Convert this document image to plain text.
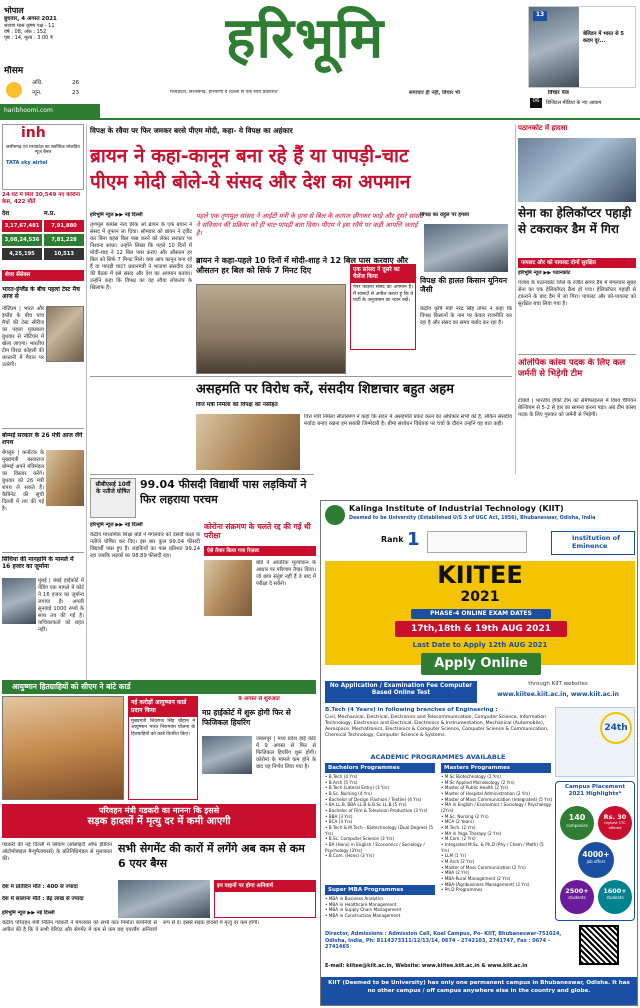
भोपाल
बुधवार, 4 अगस्त 2021
श्रावण मास कृष्ण पक्ष - 11
वर्ष : 08, अंक : 152
पृष्ठ : 14, मूल्य : 3.00 ₹
मौसम
अधि.	26
न्यून.	23
haribhoomi.com
हरिभूमि
मध्यप्रदेश, छत्तीसगढ़, हरियाणा व दिल्ली से एक साथ प्रकाशित	समाचार ही नहीं, विचार भी
13
बेलिडन में भारत से 5 कदम दूर...
विचार पेज
06	डिजिटल मीडिया के नए आयाम
inh
छत्तीसगढ़ एवं मध्यप्रदेश का सर्वाधिक लोकप्रिय न्यूज़ चैनल
TATA sky airtel
24 घंटे में मिले 30,549 नए कोरोना केस, 422 मौतें
देश	म.प्र.
3,17,67,481	7,91,880
3,08,24,536	7,81,228
4,25,195	10,513
शेयर सेंसेक्स
भारत-इंग्लैंड के बीच पहला टेस्ट मैच आज से
नॉटिंघम | भारत और इंग्लैंड के बीच पांच मैचों की टेस्ट सीरीज का पहला मुकाबला बुधवार से नॉटिंघम में खेला जाएगा। भारतीय टीम विराट कोहली की कप्तानी में मैदान पर उतरेगी।
बोम्मई सरकार के 26 मंत्री आज लेंगे शपथ
बेंगलुरु | कर्नाटक के मुख्यमंत्री बसवराज बोम्मई अपने मंत्रिमंडल का विस्तार करेंगे। बुधवार को 26 मंत्री शपथ ले सकते हैं। कैबिनेट की सूची दिल्ली में तय की गई है।
सिंधिया की मानहानि के मामले में 16 हजार का जुर्माना
मुंबई | बंबई हाईकोर्ट में पेंडिंग एक मामले में कोर्ट ने 16 हजार का जुर्माना लगाया है। अगली सुनवाई 1000 रुपये के साथ तय की गई है। याचिकाकर्ता को राहत नहीं।
विपक्ष के रवैया पर फिर जमकर बरसे पीएम मोदी, कहा- ये विपक्ष का अहंकार
ब्रायन ने कहा-कानून बना रहे हैं या पापड़ी-चाट
पीएम मोदी बोले-ये संसद और देश का अपमान
हरिभूमि न्यूज ▶▶ नई दिल्ली
तृणमूल कांग्रेस नेता डेरेक ओ ब्रायन के एक बयान ने संसद में तूफान ला दिया। सोमवार को ब्रायन ने ट्वीट कर बिना बहस बिल पास करने को लेकर सरकार पर निशाना साधा। उन्होंने लिखा कि पहले 10 दिनों में मोदी-शाह ने 12 बिल पास कराए और औसतन हर बिल को सिर्फ 7 मिनट मिले। क्या आप कानून बना रहे हैं या पापड़ी चाट? प्रधानमंत्री ने भाजपा संसदीय दल की बैठक में इसे संसद और देश का अपमान बताया। उन्होंने कहा कि विपक्ष का यह रवैया लोकतंत्र के खिलाफ है।
पहले एक तृणमूल सांसद ने आईटी मंत्री के हाथ से बिल के कागज छीनकर फाड़े और दूसरे सांसद ने संविधान की प्रक्रिया को ही चाट-पापड़ी बता दिया। पीएम ने इस रवैये पर कड़ी आपत्ति जताई है।
ब्रायन ने कहा-पहले 10 दिनों में मोदी-शाह ने 12 बिल पास करवाए और औसतन हर बिल को सिर्फ 7 मिनट दिए	एक सांसद ने दूसरे का चैलेंज किया
पेपर फाड़ना संसद का अपमान है। मैं सांसदों से अपील करता हूं कि वे पार्टी के अनुशासन का ध्यान रखें।
विपक्ष का राहुल पर हमला
विपक्ष की हालत किसान यूनियन जैसी
केंद्रीय कृषि मंत्री नरेंद्र सिंह तोमर ने कहा कि विपक्ष किसानों के नाम पर केवल राजनीति कर रहा है और संसद का समय बर्बाद कर रहा है।
असहमति पर विरोध करें, संसदीय शिष्टाचार बहुत अहम
वित्त मंत्री निर्मला को विपक्ष को नसीहत
वित्त मंत्री निर्मला सीतारमण ने कहा कि सदन में असहमति प्रकट करने का अधिकार सभी को है, लेकिन संसदीय मर्यादा बनाए रखना हम सबकी जिम्मेदारी है। बीमा संशोधन विधेयक पर चर्चा के दौरान उन्होंने यह बात कही।
पठानकोट में हादसा
सेना का हेलिकॉप्टर पहाड़ी से टकराकर डैम में गिरा
पायलट और को पायलट दोनों सुरक्षित
हरिभूमि न्यूज ▶▶ पठानकोट
पंजाब के पठानकोट जिले के रंजीत सागर डैम में मंगलवार सुबह सेना का एक हेलिकॉप्टर क्रैश हो गया। हेलिकॉप्टर पहाड़ी से टकराने के बाद डैम में जा गिरा। पायलट और को-पायलट को सुरक्षित बचा लिया गया है।
ओलंपिक कांस्य पदक के लिए कल जर्मनी से भिड़ेगी टीम
टोक्यो | भारतीय हॉकी टीम को सेमीफाइनल में विश्व चैंपियन बेल्जियम से 5-2 से हार का सामना करना पड़ा। अब टीम कांस्य पदक के लिए गुरुवार को जर्मनी से भिड़ेगी।
सीबीएसई 10वीं के नतीजे घोषित
99.04 फीसदी विद्यार्थी पास लड़कियों ने फिर लहराया परचम
हरिभूमि न्यूज ▶▶ नई दिल्ली
केंद्रीय माध्यमिक शिक्षा बोर्ड ने मंगलवार को दसवीं कक्षा के नतीजे घोषित कर दिए। इस बार कुल 99.04 फीसदी विद्यार्थी पास हुए हैं। लड़कियों का पास प्रतिशत 99.24 रहा जबकि लड़कों का 98.89 फीसदी रहा।
कोरोना संक्रमण के चलते रद्द की गई थी परीक्षा
ऐसे तैयार किया गया रिज़ल्ट
बोर्ड ने आंतरिक मूल्यांकन के आधार पर परिणाम तैयार किया। जो छात्र संतुष्ट नहीं हैं वे बाद में परीक्षा दे सकेंगे।
आयुष्मान हितग्राहियों को सीएम ने बांटे कार्ड
नई करोड़ों आयुष्मान कार्ड प्रदान किया
मुख्यमंत्री शिवराज सिंह चौहान ने आयुष्मान भारत निरामयम योजना के हितग्राहियों को कार्ड वितरित किए।
9 अगस्त से शुरुआत
मप्र हाईकोर्ट में शुरू होगी फिर से फिजिकल हियरिंग
जबलपुर | मध्य प्रदेश हाई कोर्ट में 9 अगस्त से फिर से फिजिकल हियरिंग शुरू होगी। कोरोना के मामले कम होने के बाद यह निर्णय लिया गया है।
परिवहन मंत्री गडकरी का मानना कि इससे
सड़क हादसों में मृत्यु दर में कमी आएगी
गडकरी की नई दिल्ली में सियाम (सोसाइटी ऑफ इंडियन ऑटोमोबाइल मैन्युफैक्चरर्स) के प्रतिनिधिमंडल से मुलाकात की।
देश में प्रतिदिन मौतें : 400 से ज्यादा
देश में सालाना मौतें : डेढ़ लाख से ज्यादा
सभी सेगमेंट की कारों में लगेंगे अब कम से कम 6 एयर बैग्स
हरिभूमि न्यूज ▶▶ नई दिल्ली
केंद्रीय परिवहन मंत्री नितिन गडकरी ने मंगलवार को सभी कार निर्माता कंपनियों से अपील की है कि वे सभी वेरिएंट और सेगमेंट में कम से कम छह एयरबैग अनिवार्य रूप से दें। इससे सड़क हादसों में मृत्यु दर कम होगी।
इन वाहनों पर होगा अनिवार्य
Kalinga Institute of Industrial Technology (KIIT)
Deemed to be University (Established U/S 3 of UGC Act, 1956), Bhubaneswar, Odisha, India
Rank 1	Institution of Eminence
KIITEE
2021
PHASE-4 ONLINE EXAM DATES
17th,18th & 19th AUG 2021
Last Date to Apply 12th AUG 2021
Apply Online
No Application / Examination Fee Computer Based Online Test
through KIIT websites
www.kiitee.kiit.ac.in, www.kiit.ac.in
B.Tech (4 Years) in following branches of Engineering :
Civil, Mechanical, Electrical, Electronics and Telecommunication, Computer Science, Information Technology, Electronics and Electrical, Electronics & Instrumentation, Mechanical (Automobile), Aerospace, Mechatronics, Electronics & Computer Science, Computer Science & Communication, Chemical Technology, Computer Science & Systems.
ACADEMIC PROGRAMMES AVAILABLE
Bachelors Programmes
• B.Tech (4 Yrs)
• B.Arch (5 Yrs)
• B.Tech (Lateral Entry) (3 Yrs)
• B.Sc. Nursing (4 Yrs)
• Bachelor of Design (Fashion / Textile) (4 Yrs)
• BA LL.B, BBA LL.B & B.Sc.LL.B (5 Yrs)
• Bachelor of Film & Television Production (3 Yrs)
• BBA (3 Yrs)
• BCA (3 Yrs)
• B.Tech & M.Tech - Biotechnology (Dual Degree) (5 Yrs)
• B.Sc. Computer Science (3 Yrs)
• BA (Hons) in English / Economics / Sociology / Psychology (3Yrs)
• B.Com. (Hons) (3 Yrs)
Masters Programmes
• M.Sc Biotechnology (2 Yrs)
• M.Sc Applied Microbiology (2 Yrs)
• Master of Public Health (2 Yrs)
• Master of Hospital Administration (2 Yrs)
• Master of Mass Communication (Integrated) (5 Yrs)
• MA in English / Economics / Sociology / Psychology (2Yrs)
• M.Sc. Nursing (2 Yrs)
• MCA (2 Years)
• M.Tech. (2 Yrs)
• MA in Yoga Therapy (2 Yrs)
• M.Com. (2 Yrs)
• Integrated M.Sc. & Ph.D (Phy / Chem / Math) (5 Yrs)
• LLM (1 Yr)
• M.Arch (2 Yrs)
• Master of Mass Communication (2 Yrs)
• MBA (2 Yrs)
• MBA-Rural Management (2 Yrs)
• MBA-(Agribusiness Management) (2 Yrs)
• Ph.D Programmes
Super MBA Programmes
• MBA in Business Analytics
• MBA in Healthcare Management
• MBA in Supply Chain Management
• MBA in Construction Management
24th
Campus Placement 2021 Highlights*
140
companies
Rs. 30
highest CTC offered
4000+
job offers
2500+
students
1600+
students
Director, Admissions : Admission Cell, Koel Campus, Po- KIIT, Bhubaneswar-751024, Odisha, India, Ph: 8114373311/12/13/14, 0674 - 2742103, 2741747, Fax : 0674 - 2741465
E-mail: kiitee@kiit.ac.in, Website: www.kiitee.kiit.ac.in & www.kiit.ac.in
KIIT (Deemed to be University) has only one permanent campus in Bhubaneswar, Odisha. It has no other campus / off campus anywhere else in the country and globe.
